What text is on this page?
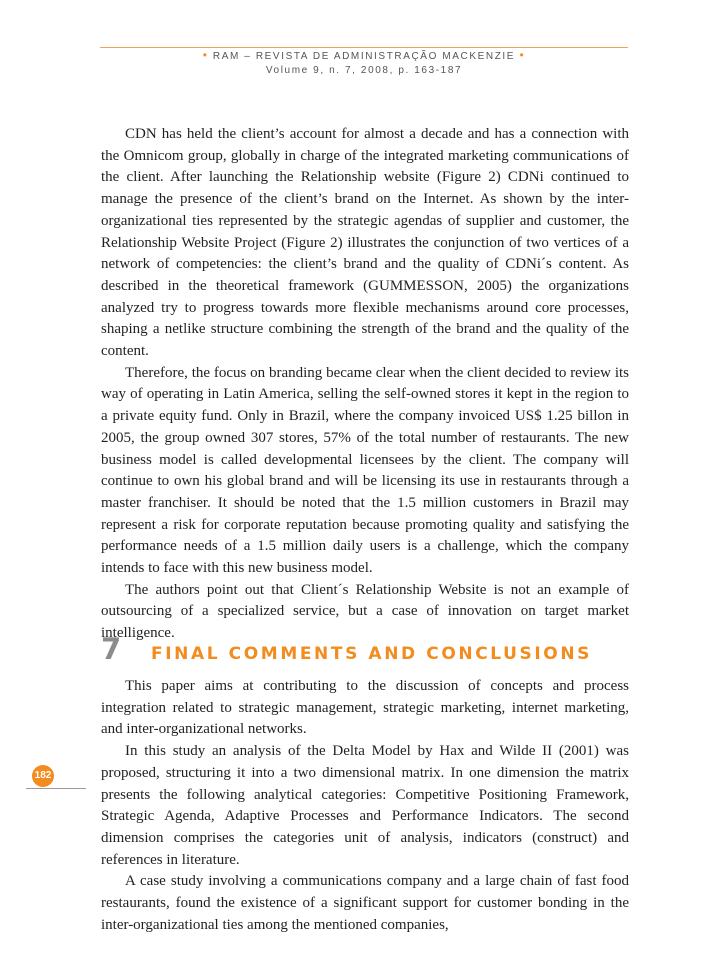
• RAM – REVISTA DE ADMINISTRAÇÃO MACKENZIE •
Volume 9, n. 7, 2008, p. 163-187

CDN has held the client’s account for almost a decade and has a connection with the Omnicom group, globally in charge of the integrated marketing communications of the client. After launching the Relationship website (Figure 2) CDNi continued to manage the presence of the client’s brand on the Internet. As shown by the inter-organizational ties represented by the strategic agendas of supplier and customer, the Relationship Website Project (Figure 2) illustrates the conjunction of two vertices of a network of competencies: the client’s brand and the quality of CDNi´s content. As described in the theoretical framework (GUMMESSON, 2005) the organizations analyzed try to progress towards more flexible mechanisms around core processes, shaping a netlike structure combining the strength of the brand and the quality of the content.

Therefore, the focus on branding became clear when the client decided to review its way of operating in Latin America, selling the self-owned stores it kept in the region to a private equity fund. Only in Brazil, where the company invoiced US$ 1.25 billon in 2005, the group owned 307 stores, 57% of the total number of restaurants. The new business model is called developmental licensees by the client. The company will continue to own his global brand and will be licensing its use in restaurants through a master franchiser. It should be noted that the 1.5 million customers in Brazil may represent a risk for corporate reputation because promoting quality and satisfying the performance needs of a 1.5 million daily users is a challenge, which the company intends to face with this new business model.

The authors point out that Client´s Relationship Website is not an example of outsourcing of a specialized service, but a case of innovation on target market intelligence.

7	FINAL COMMENTS AND CONCLUSIONS

This paper aims at contributing to the discussion of concepts and process integration related to strategic management, strategic marketing, internet marketing, and inter-organizational networks.

In this study an analysis of the Delta Model by Hax and Wilde II (2001) was proposed, structuring it into a two dimensional matrix. In one dimension the matrix presents the following analytical categories: Competitive Positioning Framework, Strategic Agenda, Adaptive Processes and Performance Indicators. The second dimension comprises the categories unit of analysis, indicators (construct) and references in literature.

A case study involving a communications company and a large chain of fast food restaurants, found the existence of a significant support for customer bonding in the inter-organizational ties among the mentioned companies,

182
